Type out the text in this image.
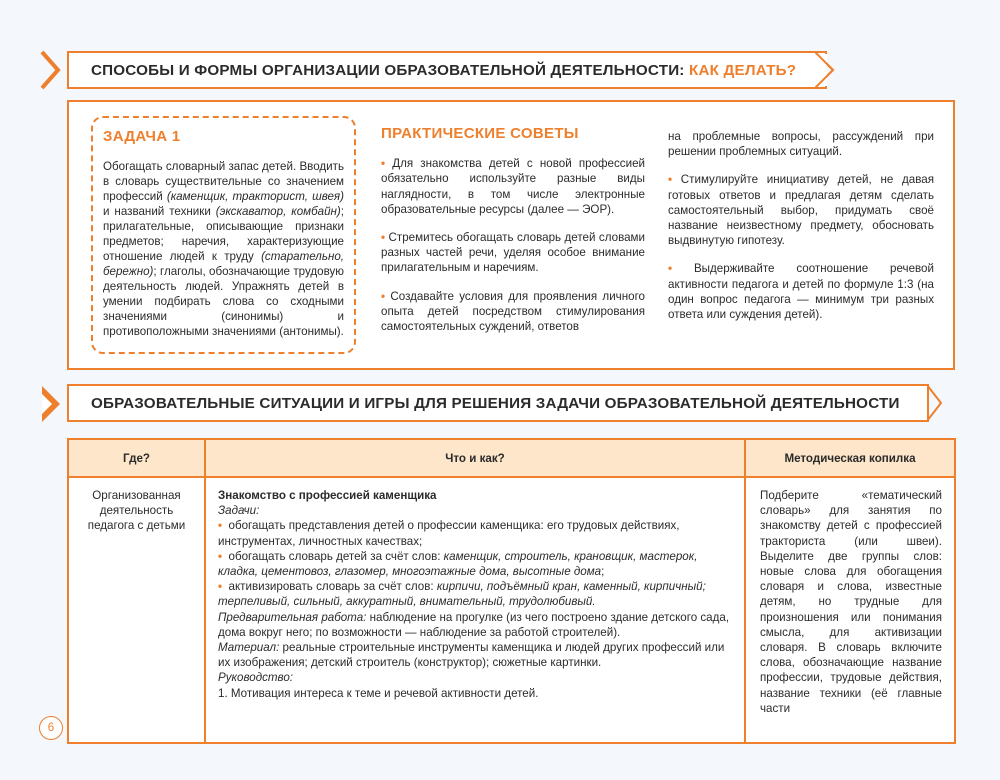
СПОСОБЫ И ФОРМЫ ОРГАНИЗАЦИИ ОБРАЗОВАТЕЛЬНОЙ ДЕЯТЕЛЬНОСТИ:
КАК ДЕЛАТЬ?
ЗАДАЧА 1
Обогащать словарный запас детей. Вводить в словарь существительные со значением профессий (каменщик, тракторист, швея) и названий техники (экскаватор, комбайн); прилагательные, описывающие признаки предметов; наречия, характеризующие отношение людей к труду (старательно, бережно); глаголы, обозначающие трудовую деятельность людей. Упражнять детей в умении подбирать слова со сходными значениями (синонимы) и противоположными значениями (антонимы).
ПРАКТИЧЕСКИЕ СОВЕТЫ

• Для знакомства детей с новой профессией обязательно используйте разные виды наглядности, в том числе электронные образовательные ресурсы (далее — ЭОР).

• Стремитесь обогащать словарь детей словами разных частей речи, уделяя особое внимание прилагательным и наречиям.

• Создавайте условия для проявления личного опыта детей посредством стимулирования самостоятельных суждений, ответов

на проблемные вопросы, рассуждений при решении проблемных ситуаций.

• Стимулируйте инициативу детей, не давая готовых ответов и предлагая детям сделать самостоятельный выбор, придумать своё название неизвестному предмету, обосновать выдвинутую гипотезу.

• Выдерживайте соотношение речевой активности педагога и детей по формуле 1:3 (на один вопрос педагога — минимум три разных ответа или суждения детей).

ОБРАЗОВАТЕЛЬНЫЕ СИТУАЦИИ И ИГРЫ ДЛЯ РЕШЕНИЯ ЗАДАЧИ ОБРАЗОВАТЕЛЬНОЙ ДЕЯТЕЛЬНОСТИ
Где?	Что и как?	Методическая копилка
Организованная деятельность педагога с детьми
Знакомство с профессией каменщика
Задачи:
• обогащать представления детей о профессии каменщика: его трудовых действиях, инструментах, личностных качествах;
• обогащать словарь детей за счёт слов: каменщик, строитель, крановщик, мастерок, кладка, цементовоз, глазомер, многоэтажные дома, высотные дома;
• активизировать словарь за счёт слов: кирпичи, подъёмный кран, каменный, кирпичный; терпеливый, сильный, аккуратный, внимательный, трудолюбивый.
Предварительная работа: наблюдение на прогулке (из чего построено здание детского сада, дома вокруг него; по возможности — наблюдение за работой строителей).
Материал: реальные строительные инструменты каменщика и людей других профессий или их изображения; детский строитель (конструктор); сюжетные картинки.
Руководство:
1. Мотивация интереса к теме и речевой активности детей.
Подберите «тематический словарь» для занятия по знакомству детей с профессией тракториста (или швеи). Выделите две группы слов: новые слова для обогащения словаря и слова, известные детям, но трудные для произношения или понимания смысла, для активизации словаря. В словарь включите слова, обозначающие название профессии, трудовые действия, название техники (её главные части
6
